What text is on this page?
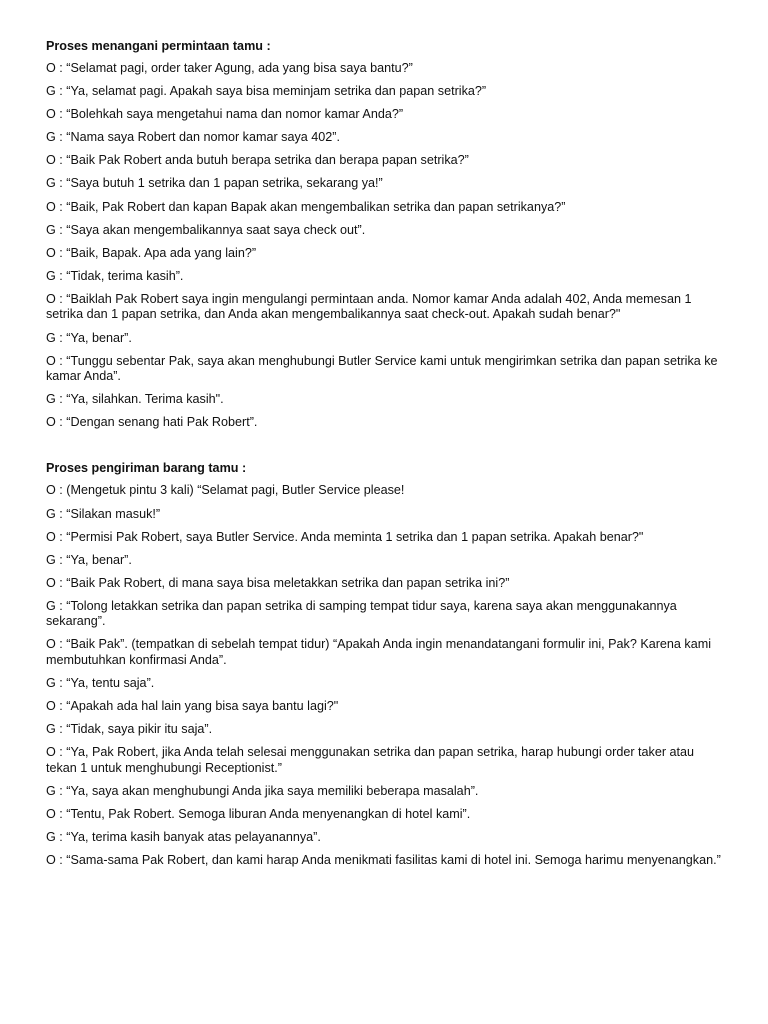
Proses menangani permintaan tamu :
O : “Selamat pagi, order taker Agung, ada yang bisa saya bantu?”
G : “Ya, selamat pagi. Apakah saya bisa meminjam setrika dan papan setrika?”
O : “Bolehkah saya mengetahui nama dan nomor kamar Anda?”
G : “Nama saya Robert dan nomor kamar saya 402”.
O : “Baik Pak Robert anda butuh berapa setrika dan berapa papan setrika?”
G : “Saya butuh 1 setrika dan 1 papan setrika, sekarang ya!”
O : “Baik, Pak Robert dan kapan Bapak akan mengembalikan setrika dan papan setrikanya?”
G : “Saya akan mengembalikannya saat saya check out”.
O : “Baik, Bapak. Apa ada yang lain?”
G : “Tidak, terima kasih”.
O : “Baiklah Pak Robert saya ingin mengulangi permintaan anda. Nomor kamar Anda adalah 402, Anda memesan 1 setrika dan 1 papan setrika, dan Anda akan mengembalikannya saat check-out. Apakah sudah benar?"
G : “Ya, benar”.
O : “Tunggu sebentar Pak, saya akan menghubungi Butler Service kami untuk mengirimkan setrika dan papan setrika ke kamar Anda”.
G : “Ya, silahkan. Terima kasih".
O : “Dengan senang hati Pak Robert”.
Proses pengiriman barang tamu :
O : (Mengetuk pintu 3 kali) “Selamat pagi, Butler Service please!
G : “Silakan masuk!”
O : “Permisi Pak Robert, saya Butler Service. Anda meminta 1 setrika dan 1 papan setrika. Apakah benar?"
G : “Ya, benar”.
O : “Baik Pak Robert, di mana saya bisa meletakkan setrika dan papan setrika ini?”
G : “Tolong letakkan setrika dan papan setrika di samping tempat tidur saya, karena saya akan menggunakannya sekarang”.
O : “Baik Pak”. (tempatkan di sebelah tempat tidur) “Apakah Anda ingin menandatangani formulir ini, Pak? Karena kami membutuhkan konfirmasi Anda”.
G : “Ya, tentu saja”.
O : “Apakah ada hal lain yang bisa saya bantu lagi?"
G : “Tidak, saya pikir itu saja”.
O : “Ya, Pak Robert, jika Anda telah selesai menggunakan setrika dan papan setrika, harap hubungi order taker atau tekan 1 untuk menghubungi Receptionist.”
G : “Ya, saya akan menghubungi Anda jika saya memiliki beberapa masalah”.
O : “Tentu, Pak Robert. Semoga liburan Anda menyenangkan di hotel kami”.
G : “Ya, terima kasih banyak atas pelayanannya”.
O : “Sama-sama Pak Robert, dan kami harap Anda menikmati fasilitas kami di hotel ini. Semoga harimu menyenangkan.”
